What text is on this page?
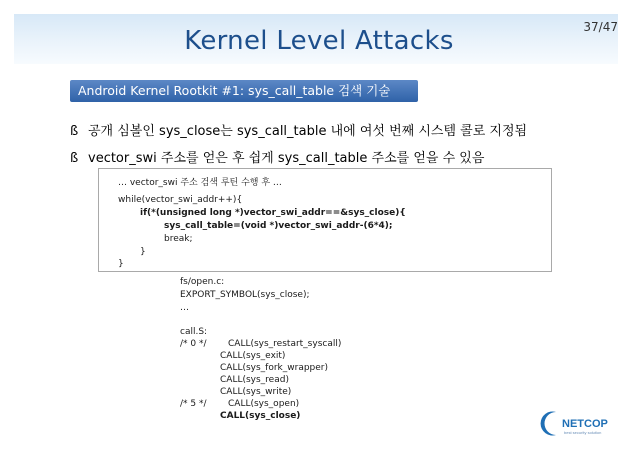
Kernel Level Attacks	37/47
Android Kernel Rootkit #1: sys_call_table 검색 기술
ß 공개 심볼인 sys_close는 sys_call_table 내에 여섯 번째 시스템 콜로 지정됨
ß vector_swi 주소를 얻은 후 쉽게 sys_call_table 주소를 얻을 수 있음
… vector_swi 주소 검색 루틴 수행 후 …
while(vector_swi_addr++){
if(*(unsigned long *)vector_swi_addr==&sys_close){
sys_call_table=(void *)vector_swi_addr-(6*4);
break;
}
}
fs/open.c:
EXPORT_SYMBOL(sys_close);
…
call.S:
/* 0 */ CALL(sys_restart_syscall)
CALL(sys_exit)
CALL(sys_fork_wrapper)
CALL(sys_read)
CALL(sys_write)
/* 5 */ CALL(sys_open)
CALL(sys_close)
NETCOP
best security solution
